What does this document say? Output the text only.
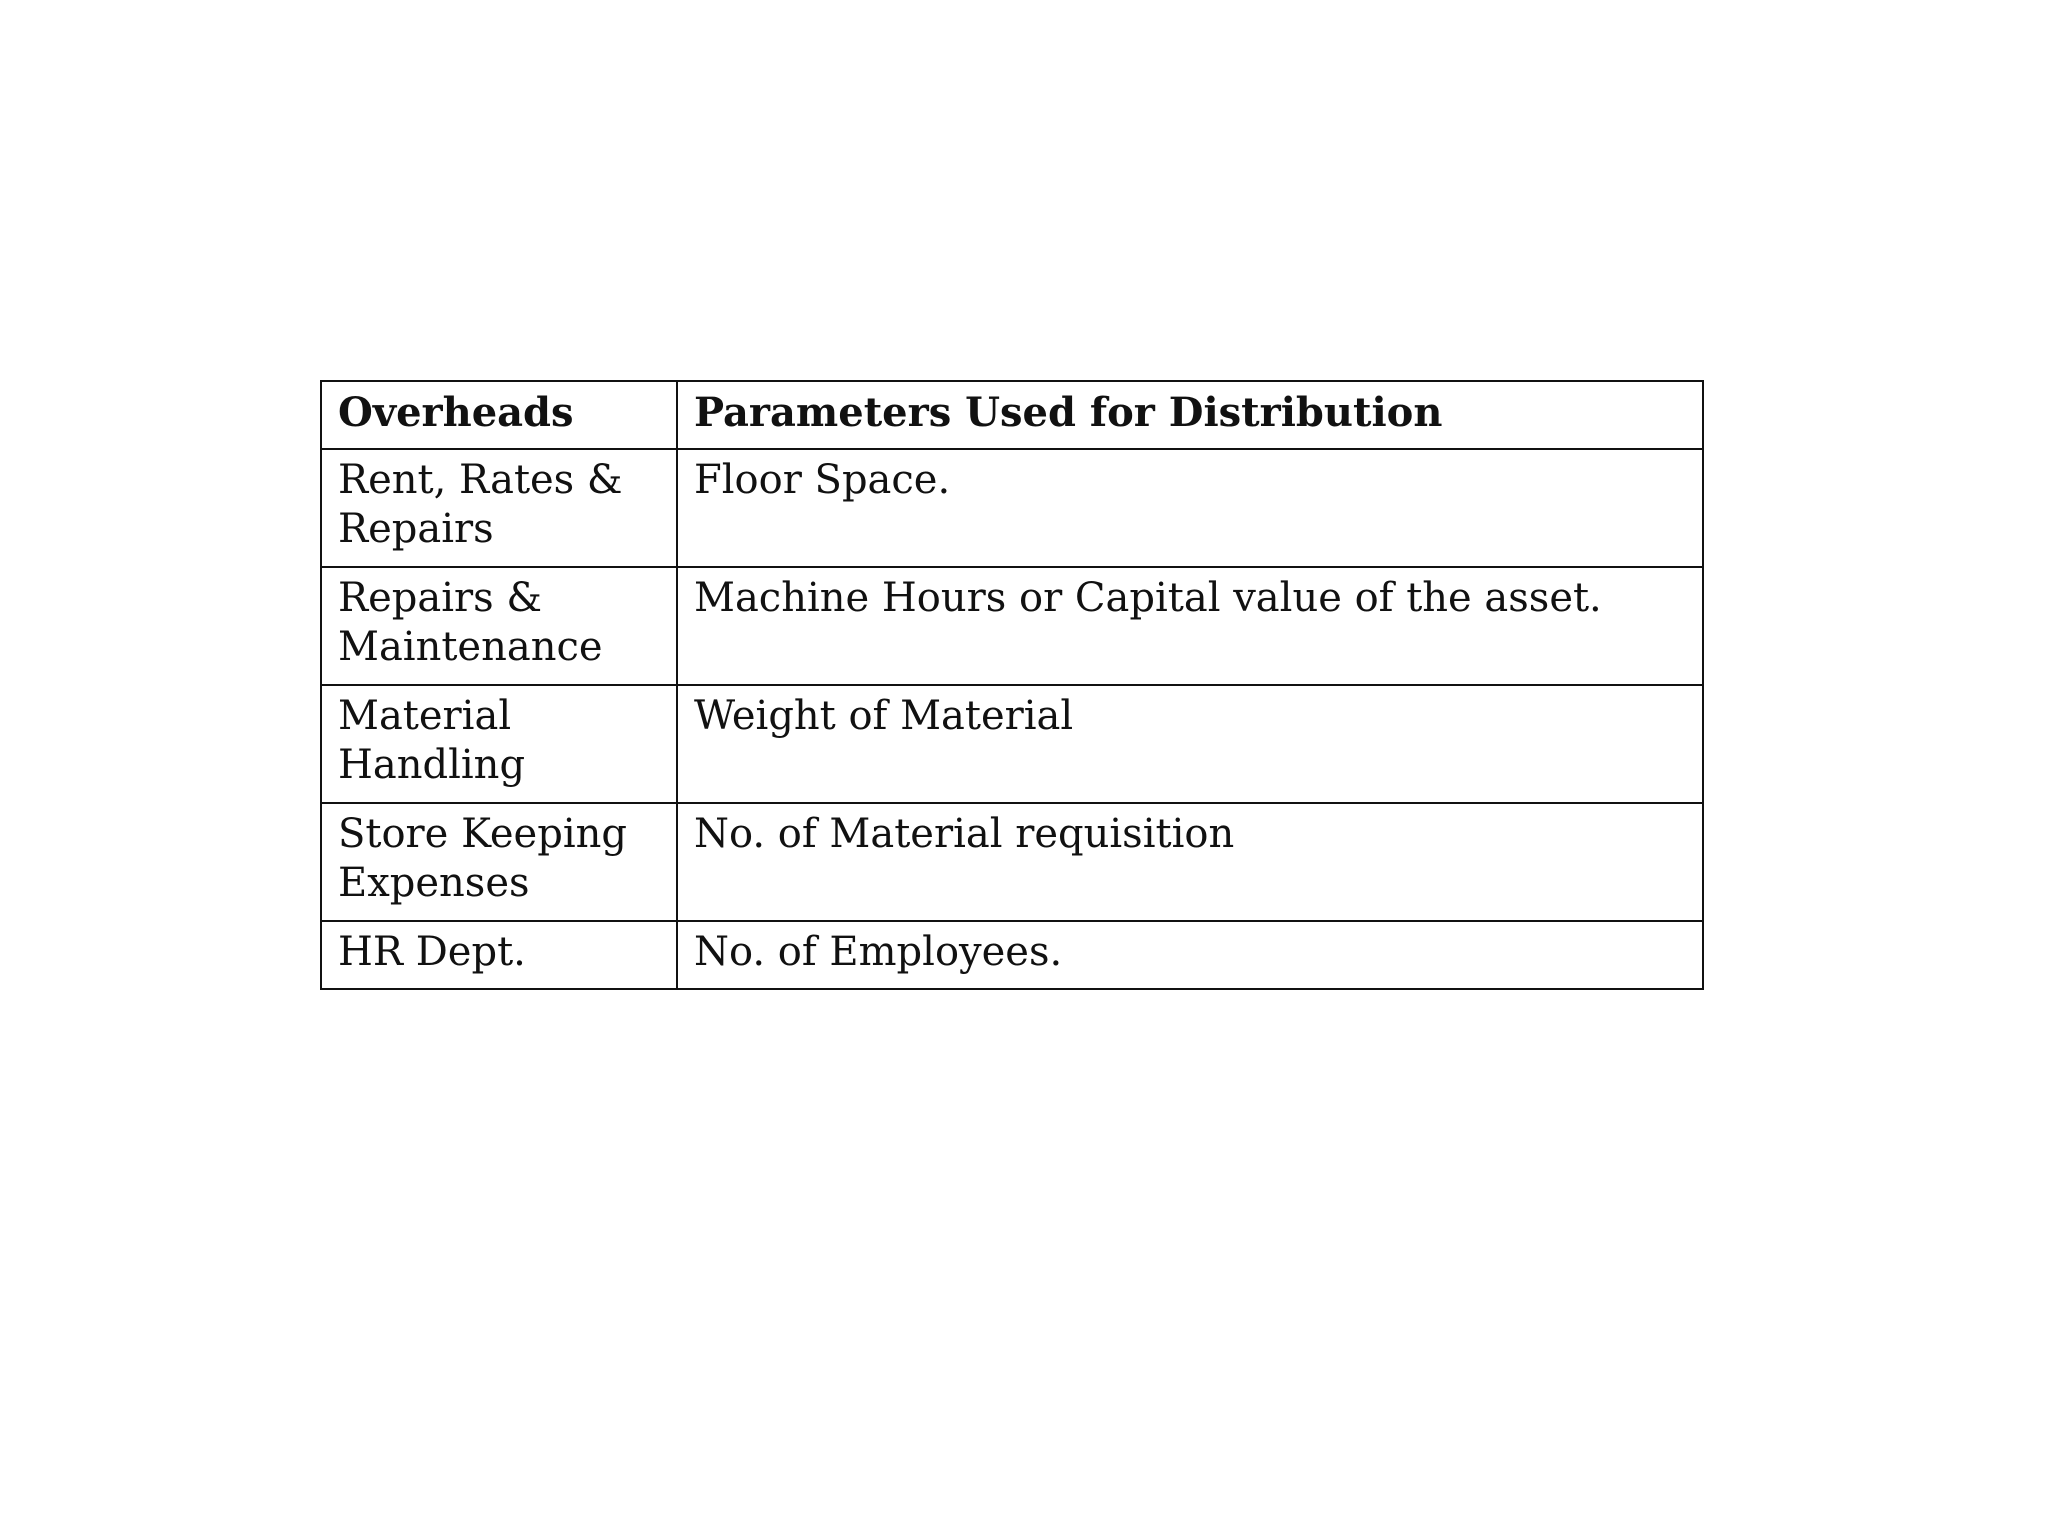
Overheads	Parameters Used for Distribution
Rent, Rates & Repairs	Floor Space.
Repairs & Maintenance	Machine Hours or Capital value of the asset.
Material Handling	Weight of Material
Store Keeping Expenses	No. of Material requisition
HR Dept.	No. of Employees.
